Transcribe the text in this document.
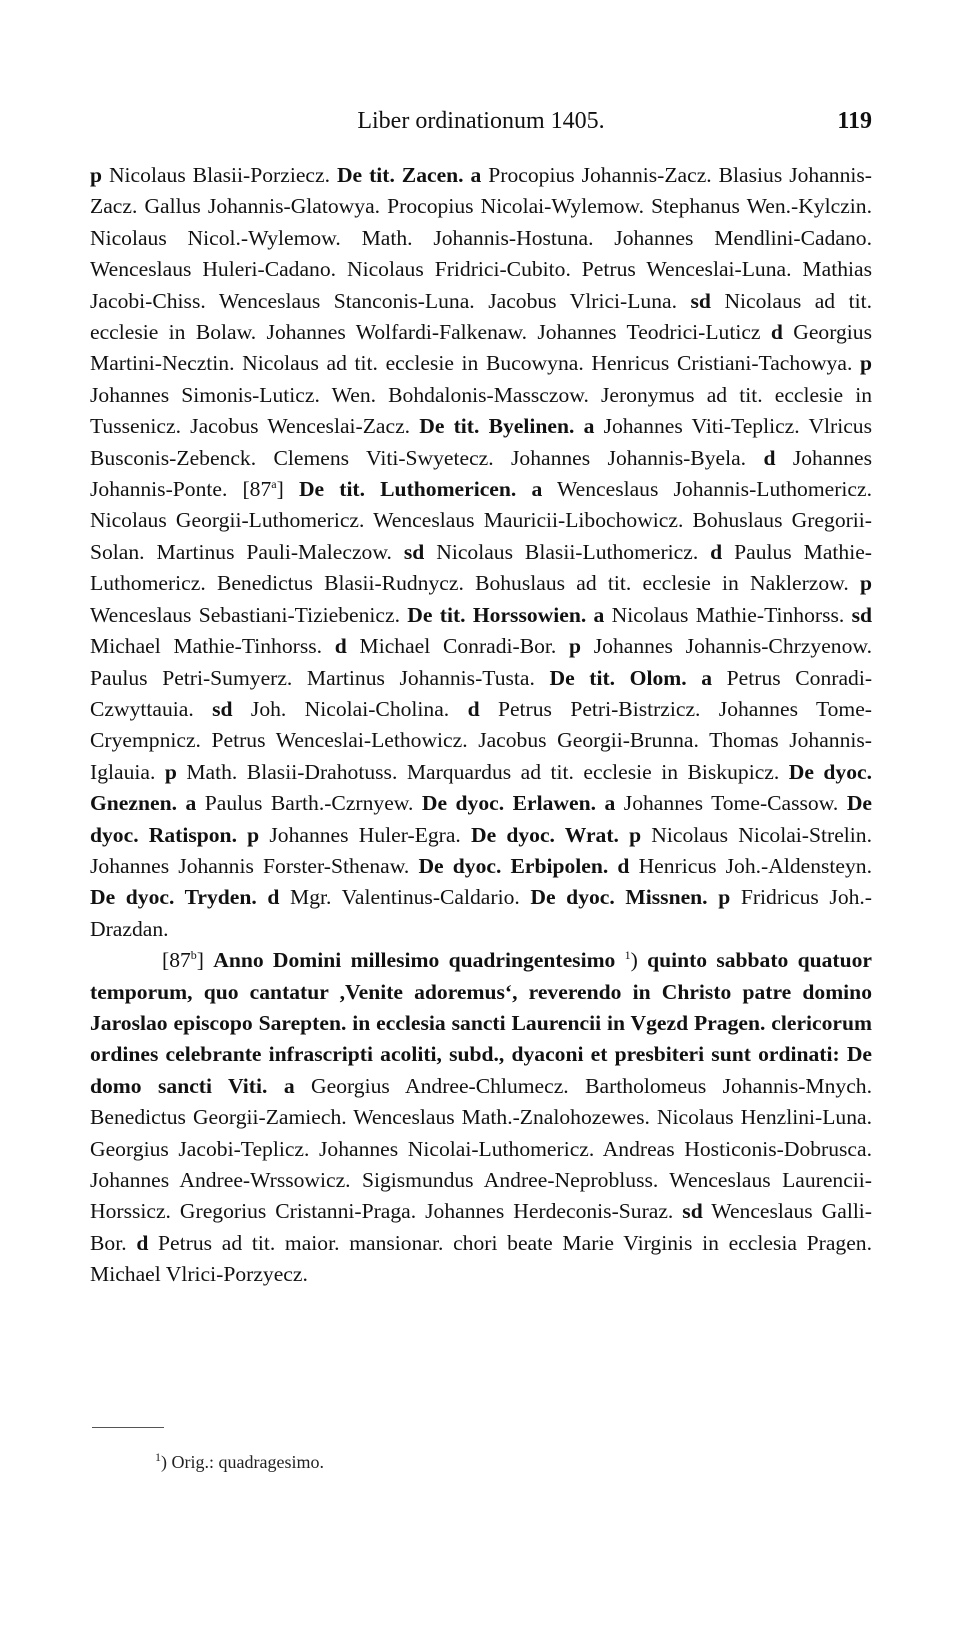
Liber ordinationum 1405.	119

p Nicolaus Blasii-Porziecz. De tit. Zacen. a Procopius Johannis-Zacz. Blasius Johannis-Zacz. Gallus Johannis-Glatowya. Procopius Nicolai-Wylemow. Stephanus Wen.-Kylczin. Nicolaus Nicol.-Wylemow. Math. Johannis-Hostuna. Johannes Mendlini-Cadano. Wenceslaus Huleri-Cadano. Nicolaus Fridrici-Cubito. Petrus Wenceslai-Luna. Mathias Jacobi-Chiss. Wenceslaus Stanconis-Luna. Jacobus Vlrici-Luna. sd Nicolaus ad tit. ecclesie in Bolaw. Johannes Wolfardi-Falkenaw. Johannes Teodrici-Luticz d Georgius Martini-Necztin. Nicolaus ad tit. ecclesie in Bucowyna. Henricus Cristiani-Tachowya. p Johannes Simonis-Luticz. Wen. Bohdalonis-Massczow. Jeronymus ad tit. ecclesie in Tussenicz. Jacobus Wenceslai-Zacz. De tit. Byelinen. a Johannes Viti-Teplicz. Vlricus Busconis-Zebenck. Clemens Viti-Swyetecz. Johannes Johannis-Byela. d Johannes Johannis-Ponte. [87$^a$] De tit. Luthomericen. a Wenceslaus Johannis-Luthomericz. Nicolaus Georgii-Luthomericz. Wenceslaus Mauricii-Libochowicz. Bohuslaus Gregorii-Solan. Martinus Pauli-Maleczow. sd Nicolaus Blasii-Luthomericz. d Paulus Mathie-Luthomericz. Benedictus Blasii-Rudnycz. Bohuslaus ad tit. ecclesie in Naklerzow. p Wenceslaus Sebastiani-Tiziebenicz. De tit. Horssowien. a Nicolaus Mathie-Tinhorss. sd Michael Mathie-Tinhorss. d Michael Conradi-Bor. p Johannes Johannis-Chrzyenow. Paulus Petri-Sumyerz. Martinus Johannis-Tusta. De tit. Olom. a Petrus Conradi-Czwyttauia. sd Joh. Nicolai-Cholina. d Petrus Petri-Bistrzicz. Johannes Tome-Cryempnicz. Petrus Wenceslai-Lethowicz. Jacobus Georgii-Brunna. Thomas Johannis-Iglauia. p Math. Blasii-Drahotuss. Marquardus ad tit. ecclesie in Biskupicz. De dyoc. Gneznen. a Paulus Barth.-Czrnyew. De dyoc. Erlawen. a Johannes Tome-Cassow. De dyoc. Ratispon. p Johannes Huler-Egra. De dyoc. Wrat. p Nicolaus Nicolai-Strelin. Johannes Johannis Forster-Sthenaw. De dyoc. Erbipolen. d Henricus Joh.-Aldensteyn. De dyoc. Tryden. d Mgr. Valentinus-Caldario. De dyoc. Missnen. p Fridricus Joh.-Drazdan.

[87$^b$] Anno Domini millesimo quadringentesimo $^1$) quinto sabbato quatuor temporum, quo cantatur ,Venite adoremus‘, reverendo in Christo patre domino Jaroslao episcopo Sarepten. in ecclesia sancti Laurencii in Vgezd Pragen. clericorum ordines celebrante infrascripti acoliti, subd., dyaconi et presbiteri sunt ordinati: De domo sancti Viti. a Georgius Andree-Chlumecz. Bartholomeus Johannis-Mnych. Benedictus Georgii-Zamiech. Wenceslaus Math.-Znalohozewes. Nicolaus Henzlini-Luna. Georgius Jacobi-Teplicz. Johannes Nicolai-Luthomericz. Andreas Hosticonis-Dobrusca. Johannes Andree-Wrssowicz. Sigismundus Andree-Neprobluss. Wenceslaus Laurencii-Horssicz. Gregorius Cristanni-Praga. Johannes Herdeconis-Suraz. sd Wenceslaus Galli-Bor. d Petrus ad tit. maior. mansionar. chori beate Marie Virginis in ecclesia Pragen. Michael Vlrici-Porzyecz.

$^1$) Orig.: quadragesimo.
